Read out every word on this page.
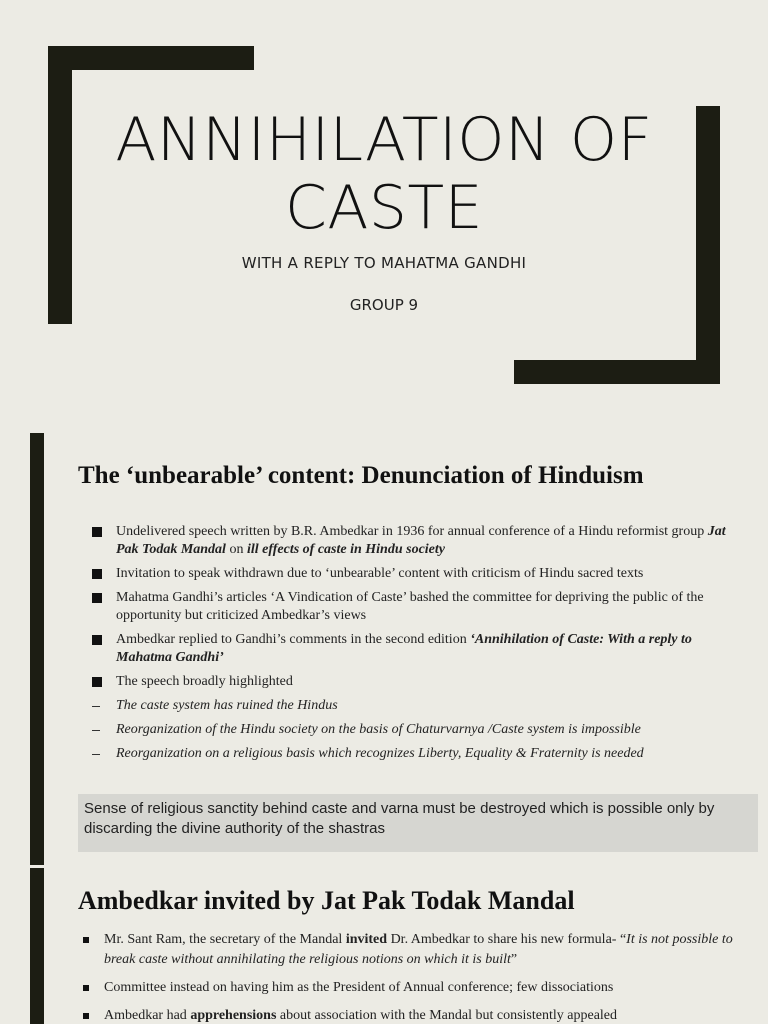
ANNIHILATION OF CASTE
WITH A REPLY TO MAHATMA GANDHI
GROUP 9
The ‘unbearable’ content: Denunciation of Hinduism
Undelivered speech written by B.R. Ambedkar in 1936 for annual conference of a Hindu reformist group Jat Pak Todak Mandal on ill effects of caste in Hindu society
Invitation to speak withdrawn due to ‘unbearable’ content with criticism of Hindu sacred texts
Mahatma Gandhi’s articles ‘A Vindication of Caste’ bashed the committee for depriving the public of the opportunity but criticized Ambedkar’s views
Ambedkar replied to Gandhi’s comments in the second edition ‘Annihilation of Caste: With a reply to Mahatma Gandhi’
The speech broadly highlighted
The caste system has ruined the Hindus
Reorganization of the Hindu society on the basis of Chaturvarnya /Caste system is impossible
Reorganization on a religious basis which recognizes Liberty, Equality & Fraternity is needed
Sense of religious sanctity behind caste and varna must be destroyed which is possible only by discarding the divine authority of the shastras
Ambedkar invited by Jat Pak Todak Mandal
Mr. Sant Ram, the secretary of the Mandal invited Dr. Ambedkar to share his new formula- “It is not possible to break caste without annihilating the religious notions on which it is built”
Committee instead on having him as the President of Annual conference; few dissociations
Ambedkar had apprehensions about association with the Mandal but consistently appealed
